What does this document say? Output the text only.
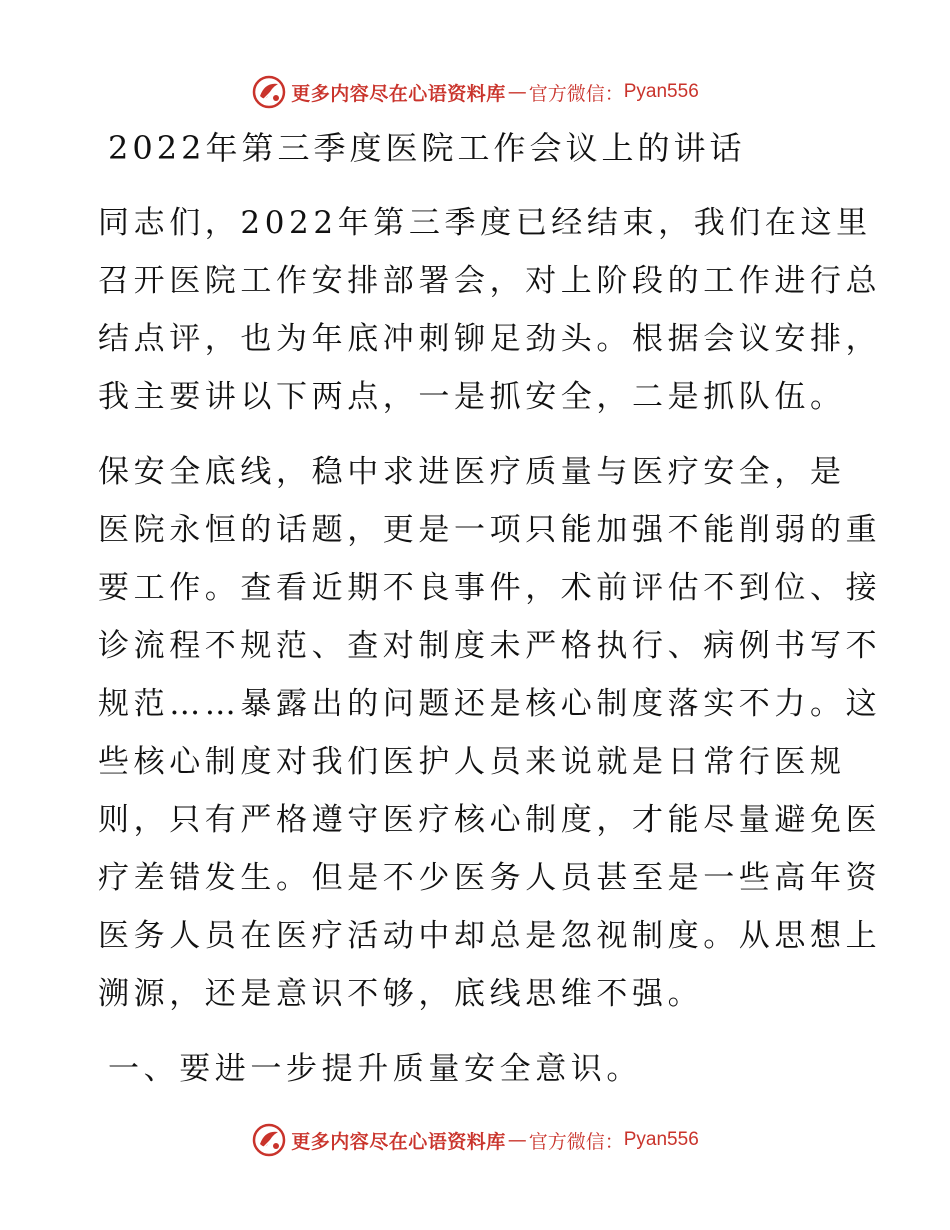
更多内容尽在心语资料库 — 官方微信： Pyan556
2022年第三季度医院工作会议上的讲话
同志们，2022年第三季度已经结束，我们在这里
召开医院工作安排部署会，对上阶段的工作进行总
结点评，也为年底冲刺铆足劲头。根据会议安排，
我主要讲以下两点，一是抓安全，二是抓队伍。
保安全底线，稳中求进医疗质量与医疗安全，是
医院永恒的话题，更是一项只能加强不能削弱的重
要工作。查看近期不良事件，术前评估不到位、接
诊流程不规范、查对制度未严格执行、病例书写不
规范……暴露出的问题还是核心制度落实不力。这
些核心制度对我们医护人员来说就是日常行医规
则，只有严格遵守医疗核心制度，才能尽量避免医
疗差错发生。但是不少医务人员甚至是一些高年资
医务人员在医疗活动中却总是忽视制度。从思想上
溯源，还是意识不够，底线思维不强。
一、要进一步提升质量安全意识。
更多内容尽在心语资料库 — 官方微信： Pyan556
